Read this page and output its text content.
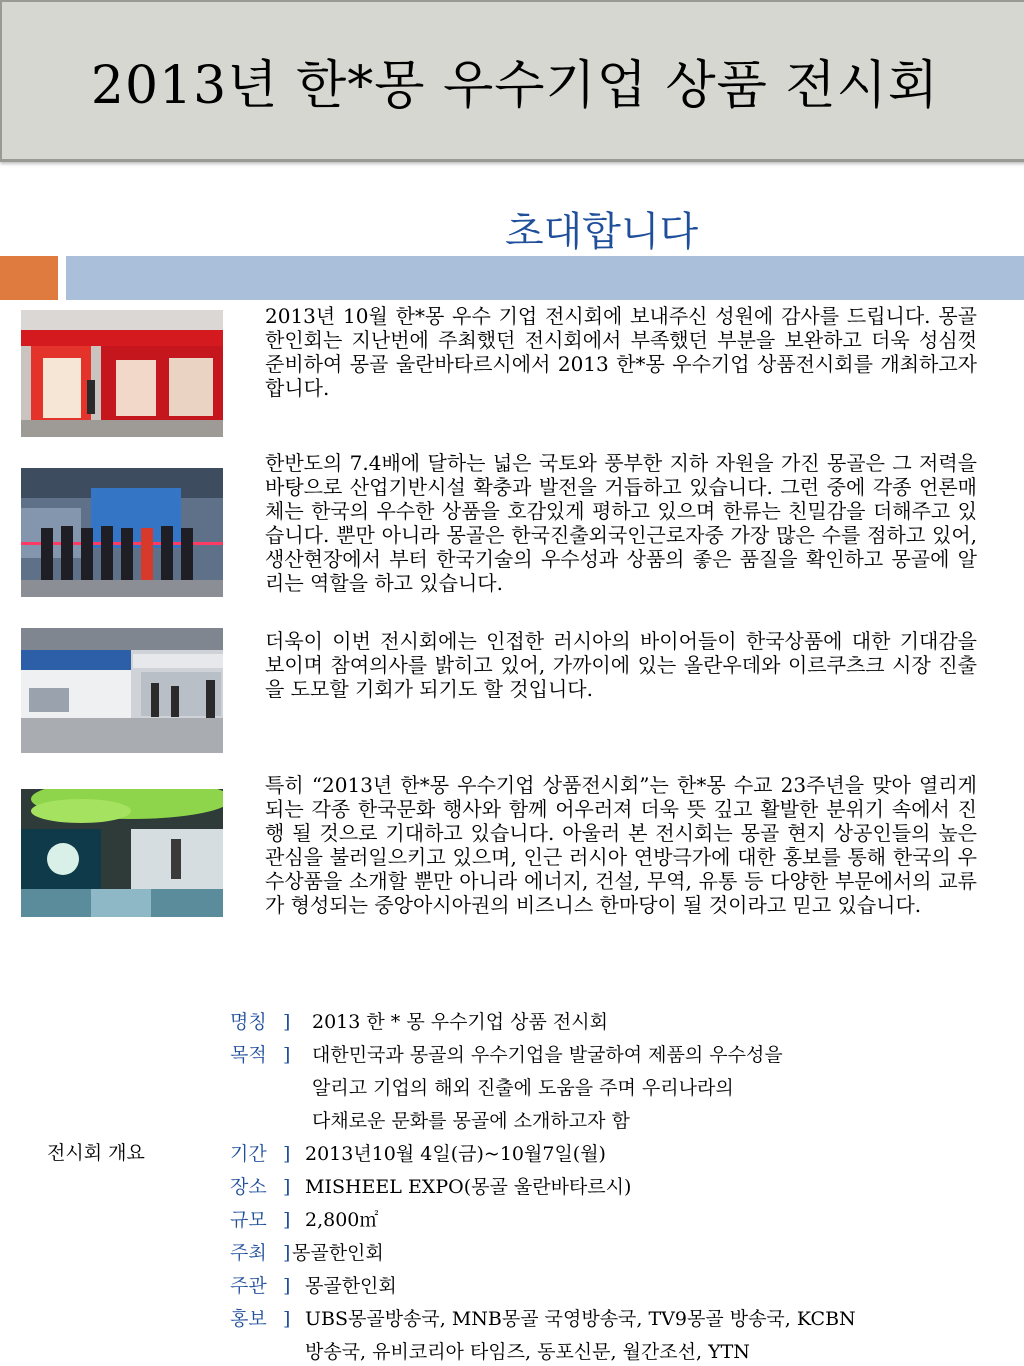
2013년 한*몽 우수기업 상품 전시회
초대합니다

2013년 10월 한*몽 우수 기업 전시회에 보내주신 성원에 감사를 드립니다. 몽골한인회는 지난번에 주최했던 전시회에서 부족했던 부분을 보완하고 더욱 성심껏 준비하여 몽골 울란바타르시에서 2013 한*몽 우수기업 상품전시회를 개최하고자 합니다.

한반도의 7.4배에 달하는 넓은 국토와 풍부한 지하 자원을 가진 몽골은 그 저력을 바탕으로 산업기반시설 확충과 발전을 거듭하고 있습니다. 그런 중에 각종 언론매체는 한국의 우수한 상품을 호감있게 평하고 있으며 한류는 친밀감을 더해주고 있습니다. 뿐만 아니라 몽골은 한국진출외국인근로자중 가장 많은 수를 점하고 있어, 생산현장에서 부터 한국기술의 우수성과 상품의 좋은 품질을 확인하고 몽골에 알리는 역할을 하고 있습니다.

더욱이 이번 전시회에는 인접한 러시아의 바이어들이 한국상품에 대한 기대감을 보이며 참여의사를 밝히고 있어, 가까이에 있는 올란우데와 이르쿠츠크 시장 진출을 도모할 기회가 되기도 할 것입니다.

특히 “2013년 한*몽 우수기업 상품전시회”는 한*몽 수교 23주년을 맞아 열리게 되는 각종 한국문화 행사와 함께 어우러져 더욱 뜻 깊고 활발한 분위기 속에서 진행 될 것으로 기대하고 있습니다. 아울러 본 전시회는 몽골 현지 상공인들의 높은 관심을 불러일으키고 있으며, 인근 러시아 연방극가에 대한 홍보를 통해 한국의 우수상품을 소개할 뿐만 아니라 에너지, 건설, 무역, 유통 등 다양한 부문에서의 교류가 형성되는 중앙아시아권의 비즈니스 한마당이 될 것이라고 믿고 있습니다.

전시회 개요
명칭 ] 2013 한 * 몽 우수기업 상품 전시회
목적 ] 대한민국과 몽골의 우수기업을 발굴하여 제품의 우수성을
알리고 기업의 해외 진출에 도움을 주며 우리나라의
다채로운 문화를 몽골에 소개하고자 함
기간 ] 2013년10월 4일(금)~10월7일(월)
장소 ] MISHEEL EXPO(몽골 울란바타르시)
규모 ] 2,800㎡
주최 ] 몽골한인회
주관 ] 몽골한인회
홍보 ] UBS몽골방송국, MNB몽골 국영방송국, TV9몽골 방송국, KCBN
방송국, 유비코리아 타임즈, 동포신문, 월간조선, YTN
